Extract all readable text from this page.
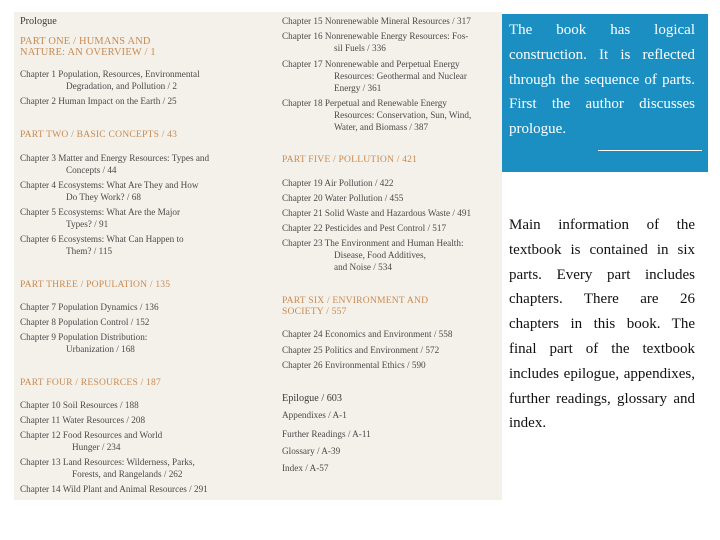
Prologue
PART ONE / HUMANS AND
NATURE: AN OVERVIEW / 1
Chapter 1 Population, Resources, Environmental
Degradation, and Pollution / 2
Chapter 2 Human Impact on the Earth / 25
PART TWO / BASIC CONCEPTS / 43
Chapter 3 Matter and Energy Resources: Types and
Concepts / 44
Chapter 4 Ecosystems: What Are They and How
Do They Work? / 68
Chapter 5 Ecosystems: What Are the Major
Types? / 91
Chapter 6 Ecosystems: What Can Happen to
Them? / 115
PART THREE / POPULATION / 135
Chapter 7 Population Dynamics / 136
Chapter 8 Population Control / 152
Chapter 9 Population Distribution:
Urbanization / 168
PART FOUR / RESOURCES / 187
Chapter 10 Soil Resources / 188
Chapter 11 Water Resources / 208
Chapter 12 Food Resources and World
Hunger / 234
Chapter 13 Land Resources: Wilderness, Parks,
Forests, and Rangelands / 262
Chapter 14 Wild Plant and Animal Resources / 291
Chapter 15 Nonrenewable Mineral Resources / 317
Chapter 16 Nonrenewable Energy Resources: Fos-
sil Fuels / 336
Chapter 17 Nonrenewable and Perpetual Energy
Resources: Geothermal and Nuclear
Energy / 361
Chapter 18 Perpetual and Renewable Energy
Resources: Conservation, Sun, Wind,
Water, and Biomass / 387
PART FIVE / POLLUTION / 421
Chapter 19 Air Pollution / 422
Chapter 20 Water Pollution / 455
Chapter 21 Solid Waste and Hazardous Waste / 491
Chapter 22 Pesticides and Pest Control / 517
Chapter 23 The Environment and Human Health:
Disease, Food Additives,
and Noise / 534
PART SIX / ENVIRONMENT AND
SOCIETY / 557
Chapter 24 Economics and Environment / 558
Chapter 25 Politics and Environment / 572
Chapter 26 Environmental Ethics / 590
Epilogue / 603
Appendixes / A-1
Further Readings / A-11
Glossary / A-39
Index / A-57
The book has logical construction. It is reflected through the sequence of parts. First the author discusses prologue.
Main information of the textbook is contained in six parts. Every part includes chapters. There are 26 chapters in this book. The final part of the textbook includes epilogue, appendixes, further readings, glossary and index.
